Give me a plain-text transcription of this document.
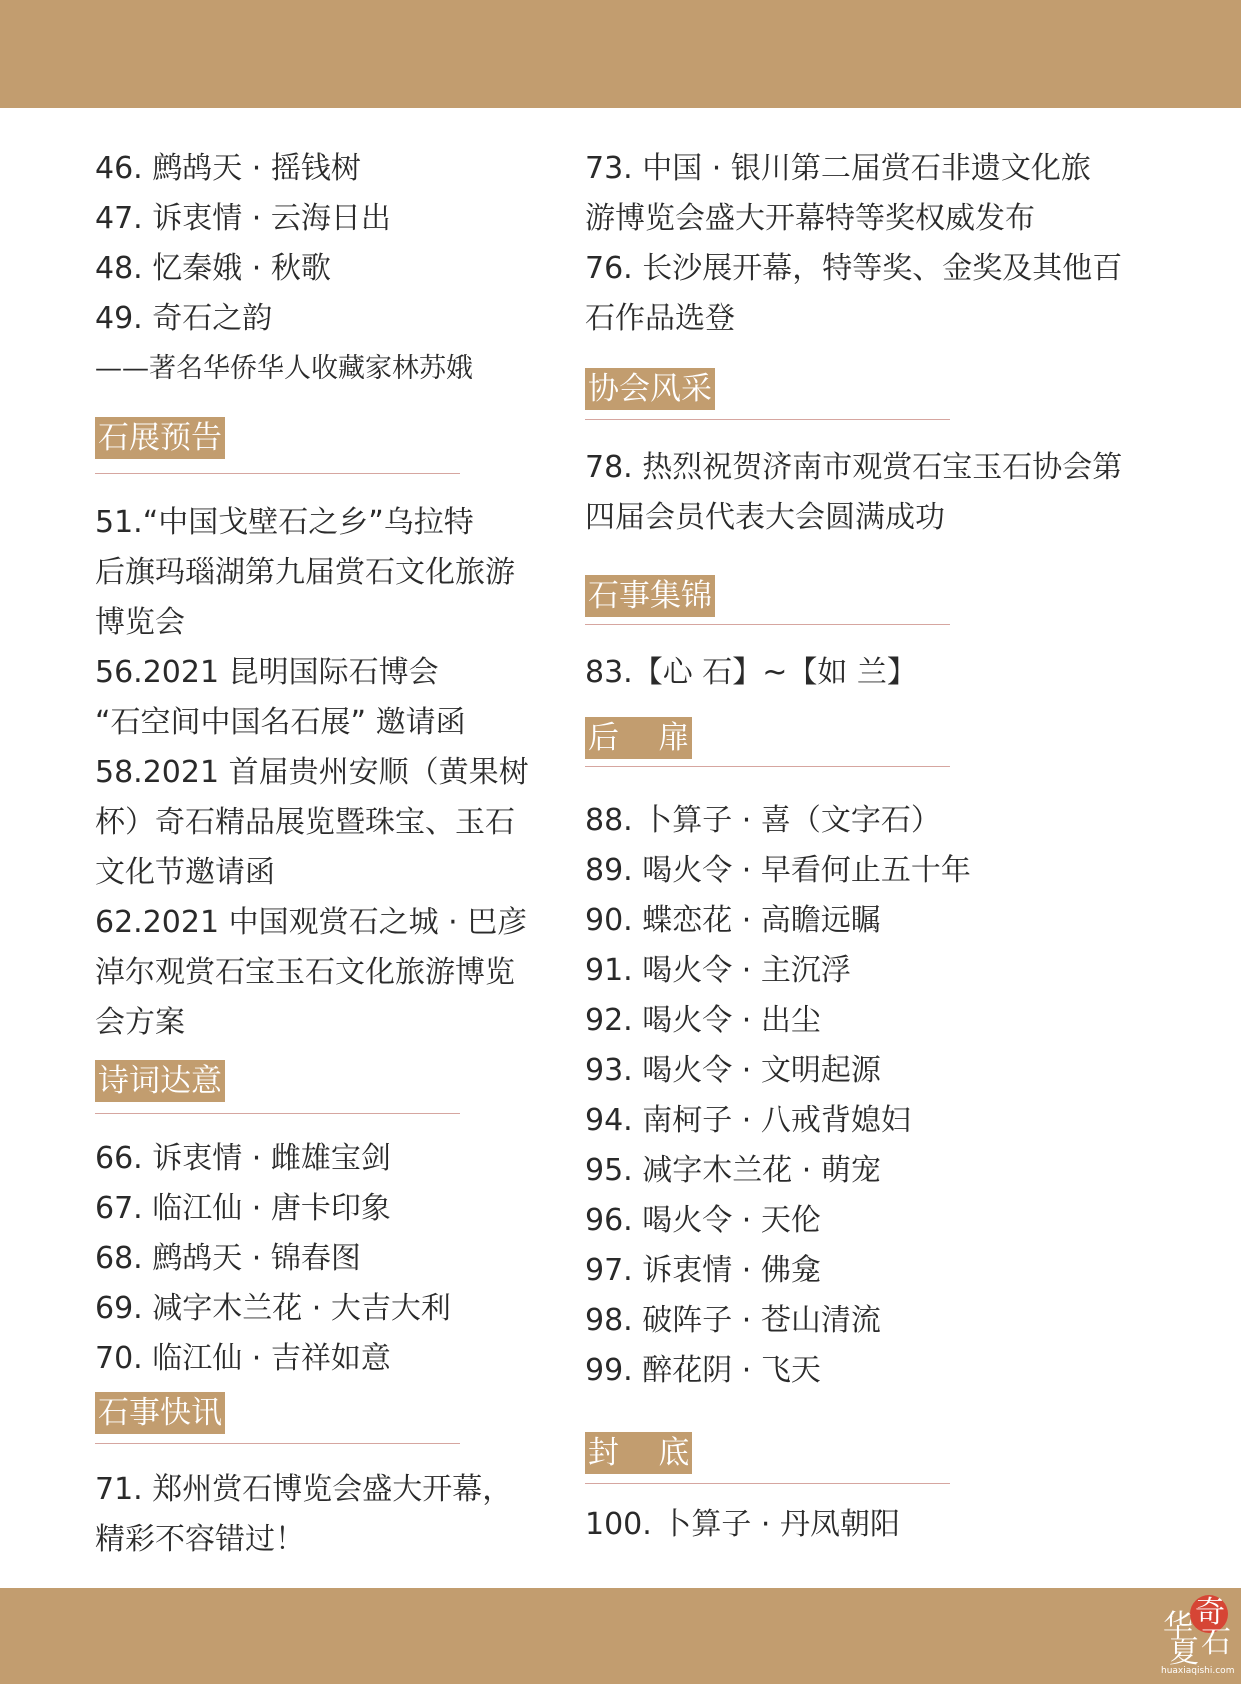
46. 鹧鸪天 · 摇钱树
47. 诉衷情 · 云海日出
48. 忆秦娥 · 秋歌
49. 奇石之韵
——著名华侨华人收藏家林苏娥
石展预告
51.“中国戈壁石之乡”乌拉特
后旗玛瑙湖第九届赏石文化旅游
博览会
56.2021 昆明国际石博会
“石空间中国名石展” 邀请函
58.2021 首届贵州安顺（黄果树
杯）奇石精品展览暨珠宝、玉石
文化节邀请函
62.2021 中国观赏石之城 · 巴彦
淖尔观赏石宝玉石文化旅游博览
会方案
诗词达意
66. 诉衷情 · 雌雄宝剑
67. 临江仙 · 唐卡印象
68. 鹧鸪天 · 锦春图
69. 减字木兰花 · 大吉大利
70. 临江仙 · 吉祥如意
石事快讯
71. 郑州赏石博览会盛大开幕，
精彩不容错过！
73. 中国 · 银川第二届赏石非遗文化旅
游博览会盛大开幕特等奖权威发布
76. 长沙展开幕，特等奖、金奖及其他百
石作品选登
协会风采
78. 热烈祝贺济南市观赏石宝玉石协会第
四届会员代表大会圆满成功
石事集锦
83.【心 石】~【如 兰】
后    扉
88. 卜算子 · 喜（文字石）
89. 喝火令 · 早看何止五十年
90. 蝶恋花 · 高瞻远瞩
91. 喝火令 · 主沉浮
92. 喝火令 · 出尘
93. 喝火令 · 文明起源
94. 南柯子 · 八戒背媳妇
95. 减字木兰花 · 萌宠
96. 喝火令 · 天伦
97. 诉衷情 · 佛龛
98. 破阵子 · 苍山清流
99. 醉花阴 · 飞天
封    底
100. 卜算子 · 丹凤朝阳
奇
石
华
夏
huaxiaqishi.com
